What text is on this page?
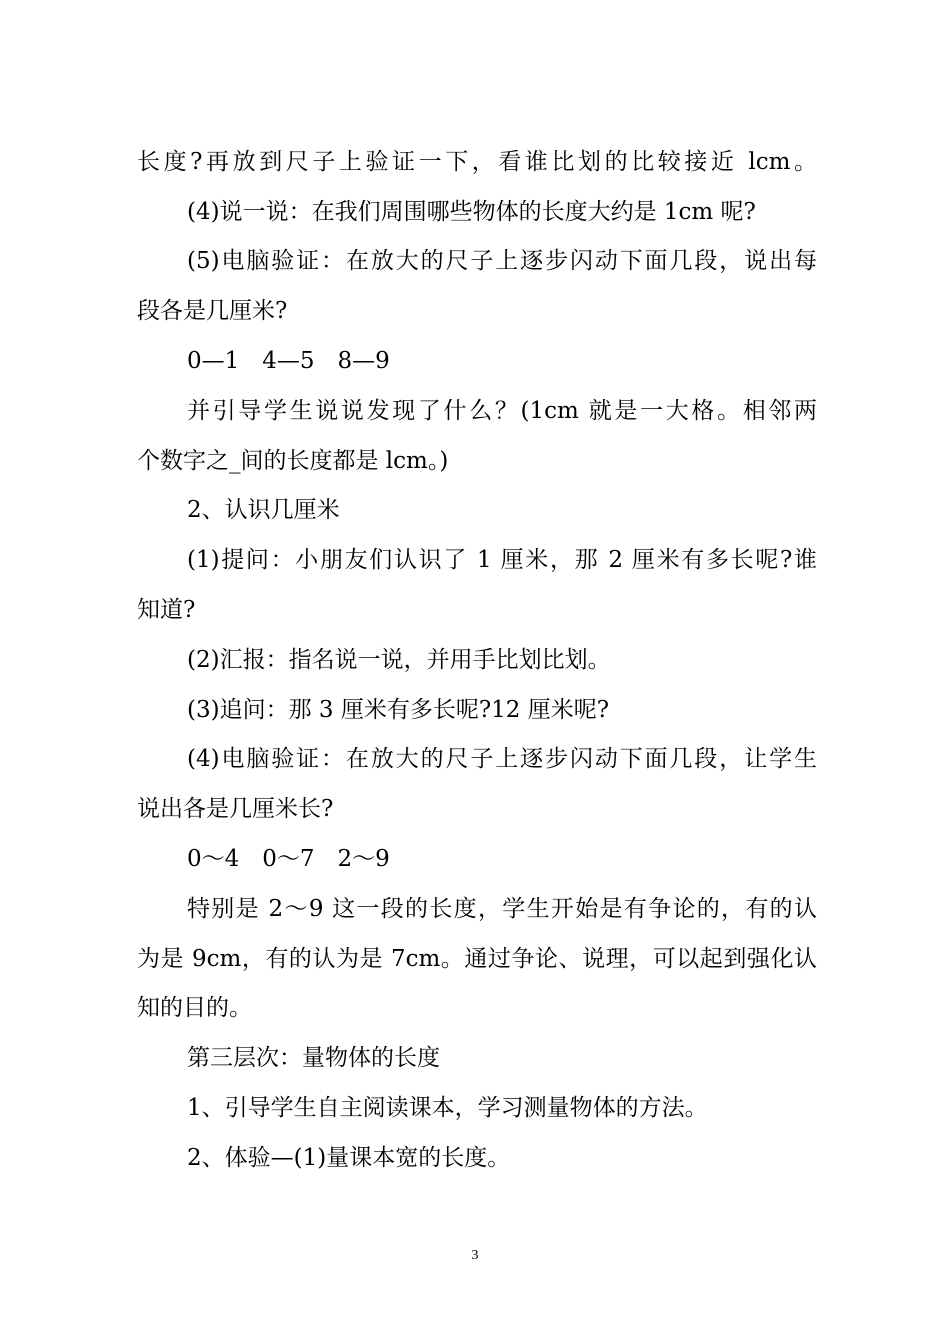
长度?再放到尺子上验证一下，看谁比划的比较接近 lcm。
(4)说一说：在我们周围哪些物体的长度大约是 1cm 呢?
(5)电脑验证：在放大的尺子上逐步闪动下面几段，说出每
段各是几厘米?
0—1　4—5　8—9
并引导学生说说发现了什么？(1cm 就是一大格。相邻两
个数字之_间的长度都是 lcm。)
2、认识几厘米
(1)提问：小朋友们认识了 1 厘米，那 2 厘米有多长呢?谁
知道?
(2)汇报：指名说一说，并用手比划比划。
(3)追问：那 3 厘米有多长呢?12 厘米呢?
(4)电脑验证：在放大的尺子上逐步闪动下面几段，让学生
说出各是几厘米长?
0～4　0～7　2～9
特别是 2～9 这一段的长度，学生开始是有争论的，有的认
为是 9cm，有的认为是 7cm。通过争论、说理，可以起到强化认
知的目的。
第三层次：量物体的长度
1、引导学生自主阅读课本，学习测量物体的方法。
2、体验—(1)量课本宽的长度。
3
